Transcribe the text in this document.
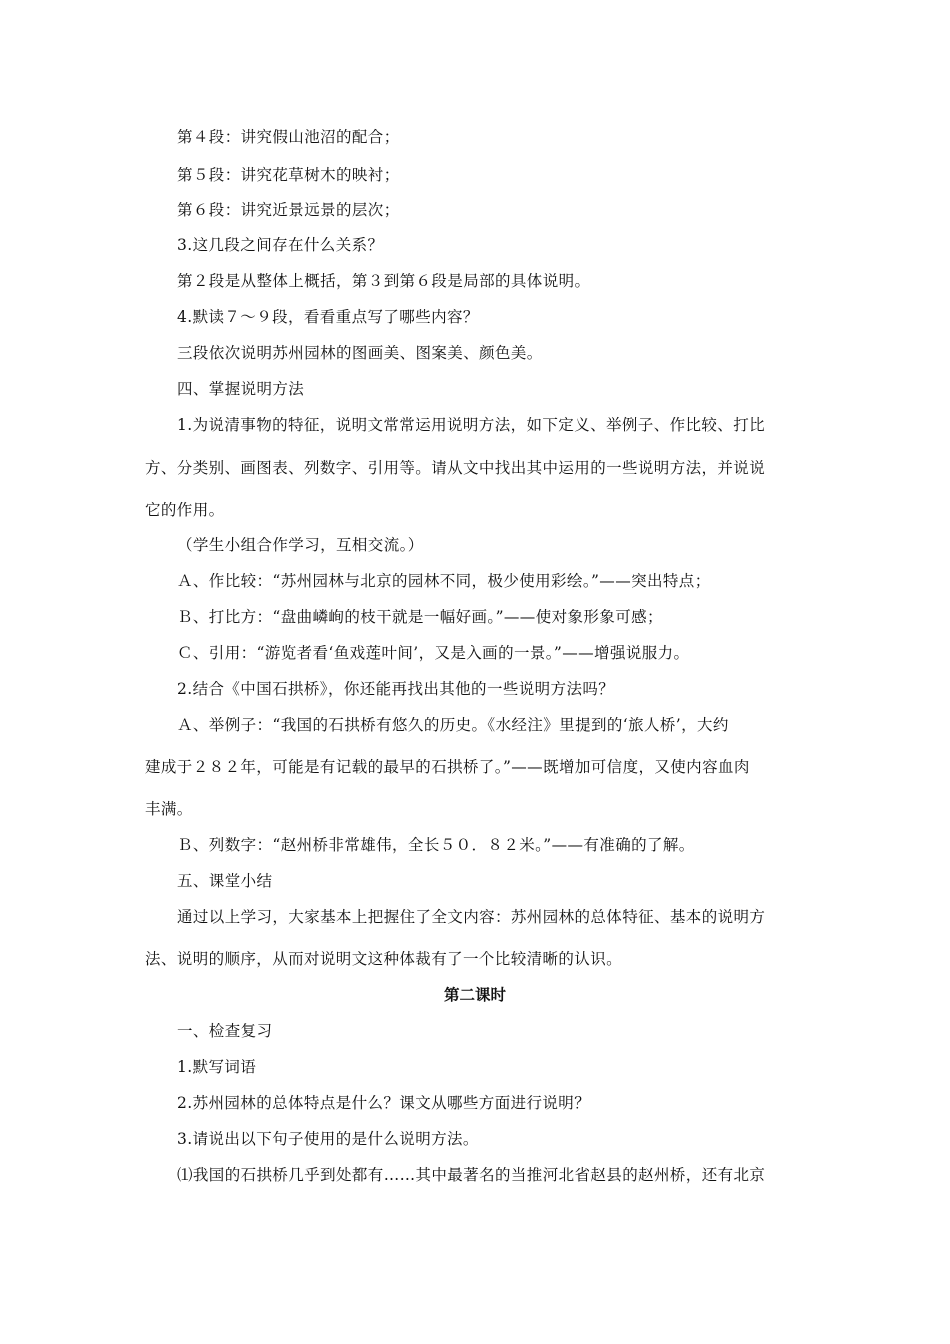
第４段：讲究假山池沼的配合；
第５段：讲究花草树木的映衬；
第６段：讲究近景远景的层次；
3.这几段之间存在什么关系？
第２段是从整体上概括，第３到第６段是局部的具体说明。
4.默读７～９段，看看重点写了哪些内容？
三段依次说明苏州园林的图画美、图案美、颜色美。
四、掌握说明方法
1.为说清事物的特征，说明文常常运用说明方法，如下定义、举例子、作比较、打比
方、分类别、画图表、列数字、引用等。请从文中找出其中运用的一些说明方法，并说说
它的作用。
（学生小组合作学习，互相交流。）
Ａ、作比较：“苏州园林与北京的园林不同，极少使用彩绘。”——突出特点；
Ｂ、打比方：“盘曲嶙峋的枝干就是一幅好画。”——使对象形象可感；
Ｃ、引用：“游览者看‘鱼戏莲叶间’，又是入画的一景。”——增强说服力。
2.结合《中国石拱桥》，你还能再找出其他的一些说明方法吗？
Ａ、举例子：“我国的石拱桥有悠久的历史。《水经注》里提到的‘旅人桥’，大约
建成于２８２年，可能是有记载的最早的石拱桥了。”——既增加可信度，又使内容血肉
丰满。
Ｂ、列数字：“赵州桥非常雄伟，全长５０．８２米。”——有准确的了解。
五、课堂小结
通过以上学习，大家基本上把握住了全文内容：苏州园林的总体特征、基本的说明方
法、说明的顺序，从而对说明文这种体裁有了一个比较清晰的认识。
第二课时
一、检查复习
1.默写词语
2.苏州园林的总体特点是什么？课文从哪些方面进行说明？
3.请说出以下句子使用的是什么说明方法。
⑴我国的石拱桥几乎到处都有……其中最著名的当推河北省赵县的赵州桥，还有北京
